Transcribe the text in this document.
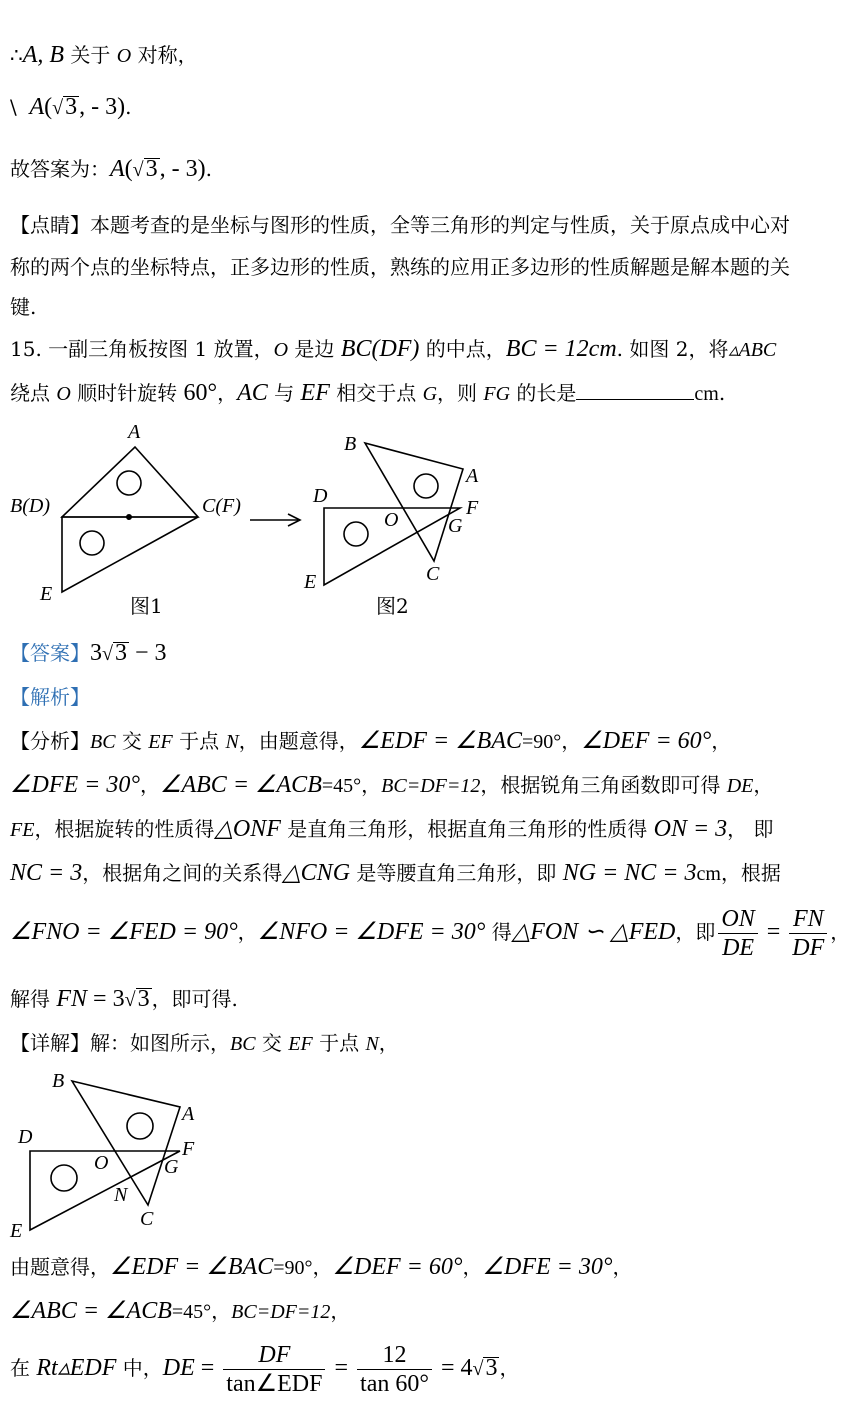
∴A, B 关于 O 对称，
\ A(√3, - 3).
故答案为：A(√3, - 3).
【点睛】本题考查的是坐标与图形的性质，全等三角形的判定与性质，关于原点成中心对
称的两个点的坐标特点，正多边形的性质，熟练的应用正多边形的性质解题是解本题的关
键.
15. 一副三角板按图 1 放置，O 是边 BC(DF) 的中点，BC = 12cm. 如图 2，将▵ABC
绕点 O 顺时针旋转 60°，AC 与 EF 相交于点 G，则 FG 的长是	cm.
A
B(D)	C(F)
E	图1
B
A
D
F
O G
E	C
图2
【答案】3√3 − 3
【解析】
【分析】BC 交 EF 于点 N，由题意得，∠EDF = ∠BAC=90°，∠DEF = 60°，
∠DFE = 30°，∠ABC = ∠ACB=45°，BC=DF=12，根据锐角三角函数即可得 DE，
FE，根据旋转的性质得△ONF 是直角三角形，根据直角三角形的性质得 ON = 3， 即
NC = 3，根据角之间的关系得△CNG 是等腰直角三角形，即 NG = NC = 3cm，根据
∠FNO = ∠FED = 90°，∠NFO = ∠DFE = 30° 得△FON ∽ △FED，即 $\frac{ON}{DE} = \frac{FN}{DF}$ ，
解得 FN = 3√3 ，即可得.
【详解】解：如图所示，BC 交 EF 于点 N，
B
A
D
F
O	G
N
E
C
由题意得，∠EDF = ∠BAC=90°，∠DEF = 60°，∠DFE = 30°，
∠ABC = ∠ACB=45°，BC=DF=12，
在 Rt▵EDF 中，DE = $\frac{DF}{\text{tan∠EDF}} = \frac{12}{\tan 60^\circ} = 4√3$ ，
